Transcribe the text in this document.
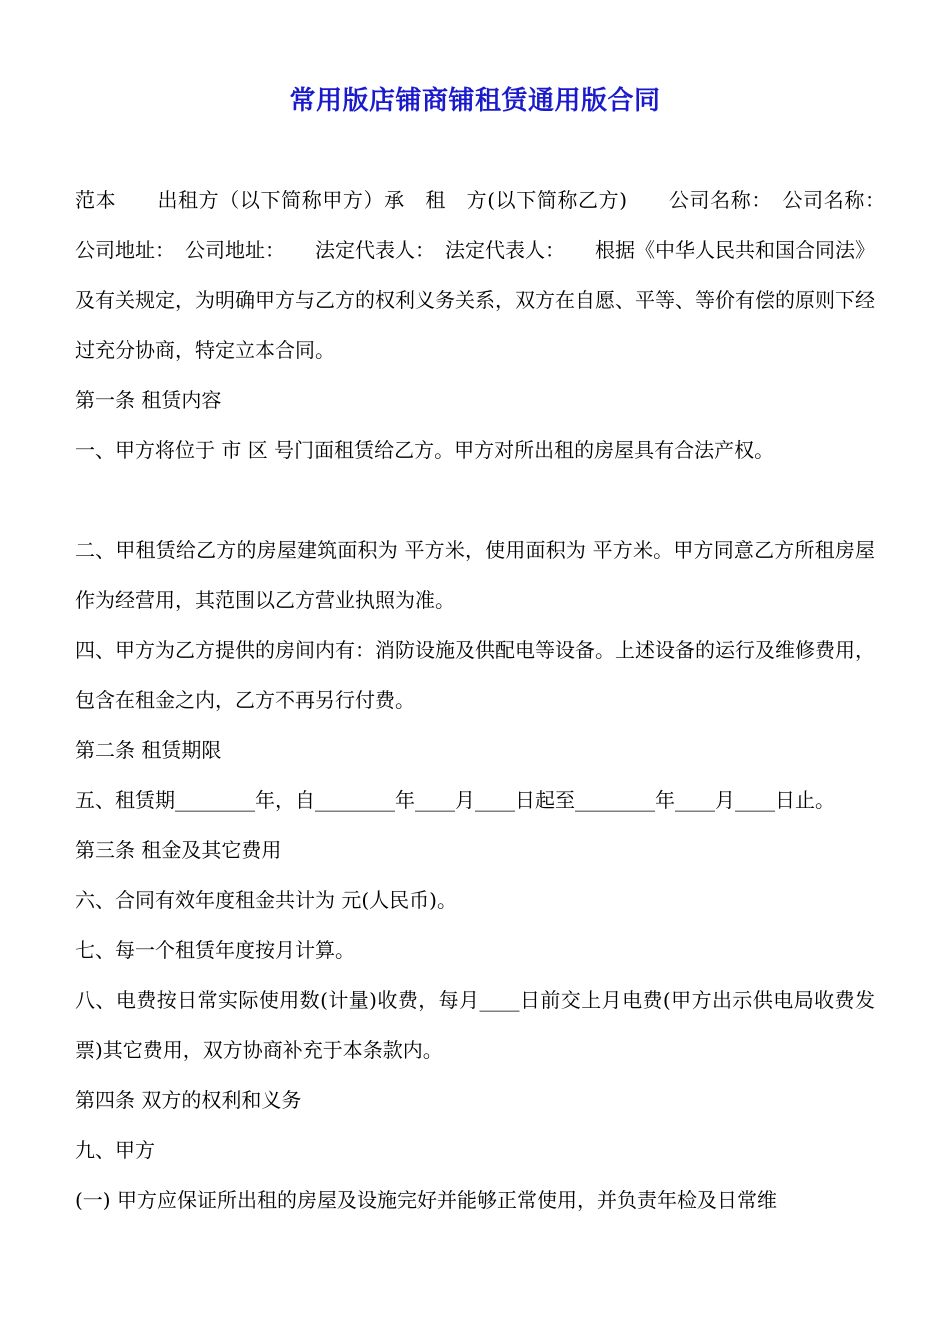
常用版店铺商铺租赁通用版合同

范本　　出租方（以下简称甲方）承　租　方(以下简称乙方)　　公司名称：　公司名称：　　公司地址：　公司地址：　　法定代表人：　法定代表人：　　根据《中华人民共和国合同法》及有关规定，为明确甲方与乙方的权利义务关系，双方在自愿、平等、等价有偿的原则下经过充分协商，特定立本合同。

第一条 租赁内容

一、甲方将位于 市 区 号门面租赁给乙方。甲方对所出租的房屋具有合法产权。

二、甲租赁给乙方的房屋建筑面积为 平方米，使用面积为 平方米。甲方同意乙方所租房屋作为经营用，其范围以乙方营业执照为准。

四、甲方为乙方提供的房间内有：消防设施及供配电等设备。上述设备的运行及维修费用，包含在租金之内，乙方不再另行付费。

第二条 租赁期限

五、租赁期________年，自________年____月____日起至________年____月____日止。

第三条 租金及其它费用

六、合同有效年度租金共计为 元(人民币)。

七、每一个租赁年度按月计算。

八、电费按日常实际使用数(计量)收费，每月____日前交上月电费(甲方出示供电局收费发票)其它费用，双方协商补充于本条款内。

第四条 双方的权利和义务

九、甲方

(一) 甲方应保证所出租的房屋及设施完好并能够正常使用，并负责年检及日常维
